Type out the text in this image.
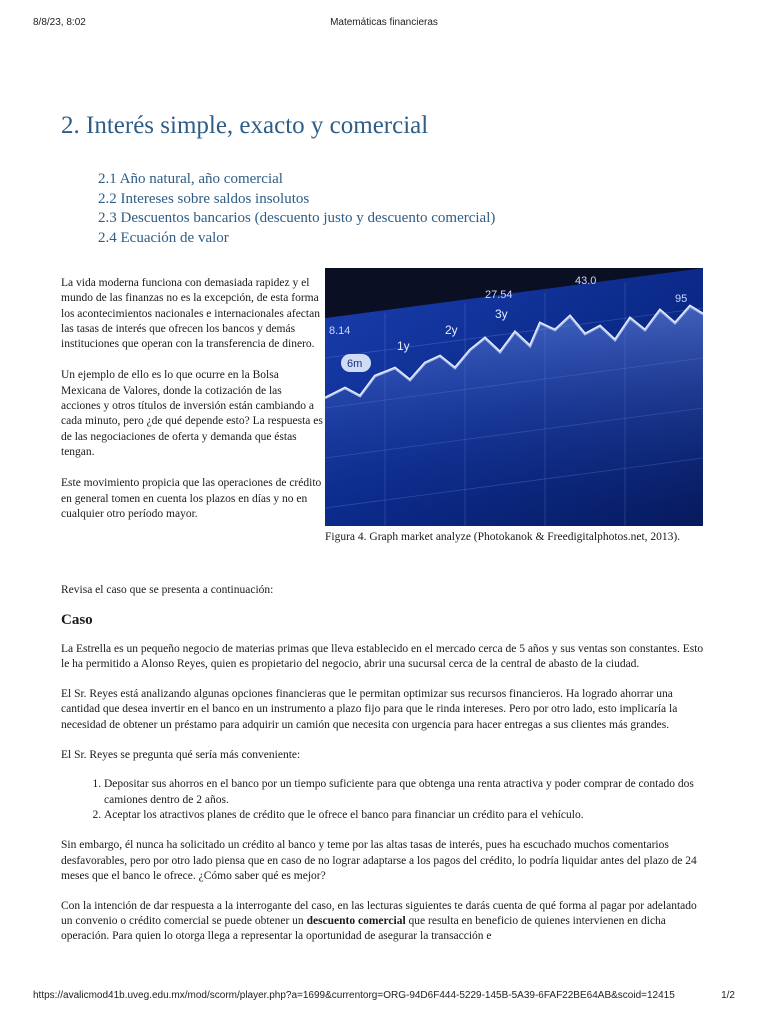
8/8/23, 8:02	Matemáticas financieras
2. Interés simple, exacto y comercial
2.1 Año natural, año comercial
2.2 Intereses sobre saldos insolutos
2.3 Descuentos bancarios (descuento justo y descuento comercial)
2.4 Ecuación de valor

La vida moderna funciona con demasiada rapidez y el mundo de las finanzas no es la excepción, de esta forma los acontecimientos nacionales e internacionales afectan las tasas de interés que ofrecen los bancos y demás instituciones que operan con la transferencia de dinero.

Un ejemplo de ello es lo que ocurre en la Bolsa Mexicana de Valores, donde la cotización de las acciones y otros títulos de inversión están cambiando a cada minuto, pero ¿de qué depende esto? La respuesta es de las negociaciones de oferta y demanda que éstas tengan.

Este movimiento propicia que las operaciones de crédito en general tomen en cuenta los plazos en días y no en cualquier otro período mayor.

6m
1y
2y
3y
8.14
27.54
43.0
95
Figura 4. Graph market analyze (Photokanok & Freedigitalphotos.net, 2013).

Revisa el caso que se presenta a continuación:

Caso

La Estrella es un pequeño negocio de materias primas que lleva establecido en el mercado cerca de 5 años y sus ventas son constantes. Esto le ha permitido a Alonso Reyes, quien es propietario del negocio, abrir una sucursal cerca de la central de abasto de la ciudad.

El Sr. Reyes está analizando algunas opciones financieras que le permitan optimizar sus recursos financieros. Ha logrado ahorrar una cantidad que desea invertir en el banco en un instrumento a plazo fijo para que le rinda intereses. Pero por otro lado, esto implicaría la necesidad de obtener un préstamo para adquirir un camión que necesita con urgencia para hacer entregas a sus clientes más grandes.

El Sr. Reyes se pregunta qué sería más conveniente:

1. Depositar sus ahorros en el banco por un tiempo suficiente para que obtenga una renta atractiva y poder comprar de contado dos camiones dentro de 2 años.
2. Aceptar los atractivos planes de crédito que le ofrece el banco para financiar un crédito para el vehículo.

Sin embargo, él nunca ha solicitado un crédito al banco y teme por las altas tasas de interés, pues ha escuchado muchos comentarios desfavorables, pero por otro lado piensa que en caso de no lograr adaptarse a los pagos del crédito, lo podría liquidar antes del plazo de 24 meses que el banco le ofrece. ¿Cómo saber qué es mejor?

Con la intención de dar respuesta a la interrogante del caso, en las lecturas siguientes te darás cuenta de qué forma al pagar por adelantado un convenio o crédito comercial se puede obtener un descuento comercial que resulta en beneficio de quienes intervienen en dicha operación. Para quien lo otorga llega a representar la oportunidad de asegurar la transacción e

https://avalicmod41b.uveg.edu.mx/mod/scorm/player.php?a=1699&currentorg=ORG-94D6F444-5229-145B-5A39-6FAF22BE64AB&scoid=12415	1/2
